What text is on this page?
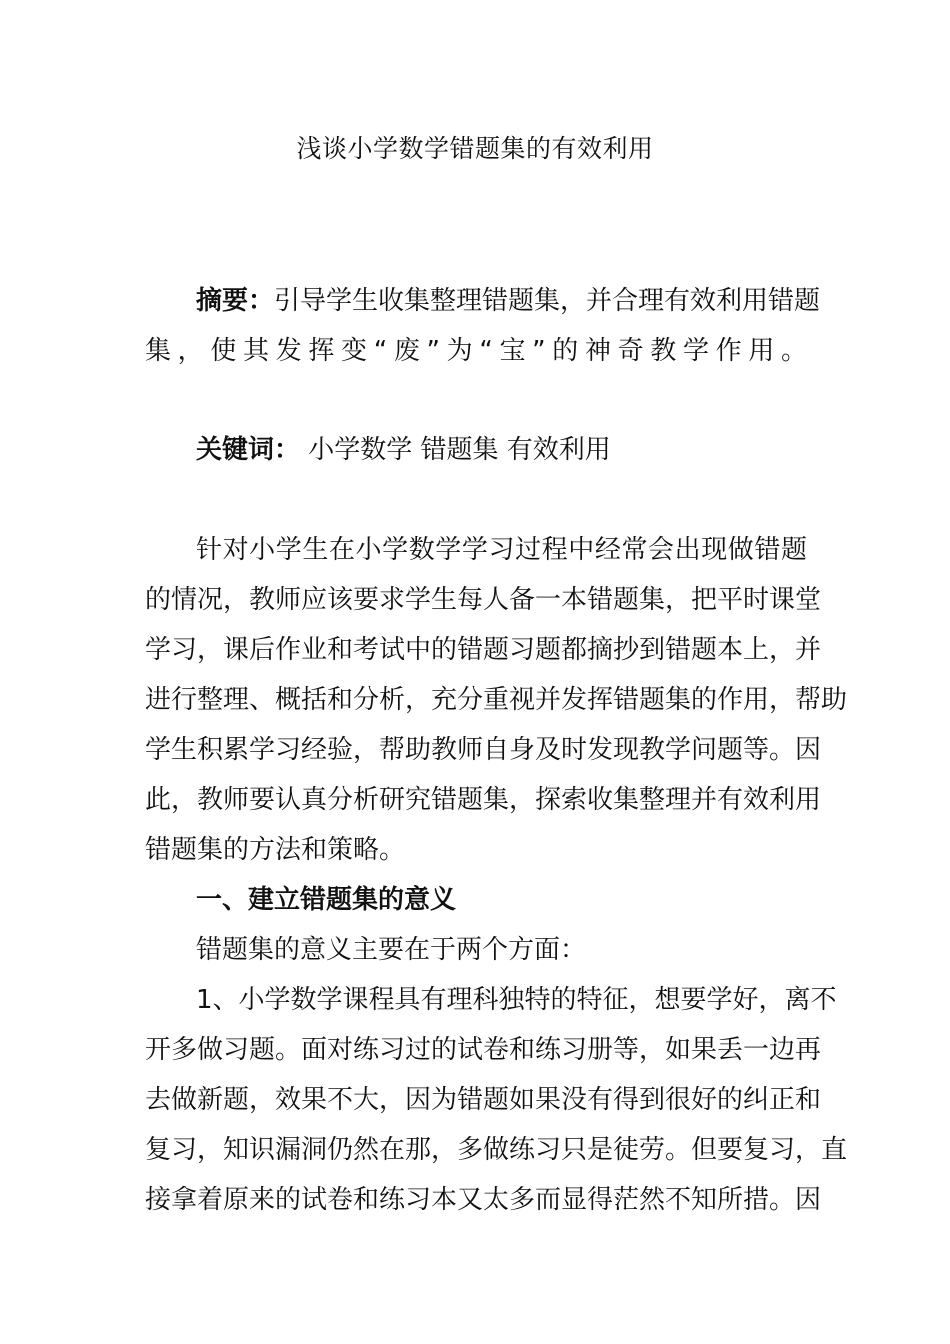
浅谈小学数学错题集的有效利用
摘要：引导学生收集整理错题集，并合理有效利用错题
集，使其发挥变“废”为“宝”的神奇教学作用。
关键词： 小学数学 错题集 有效利用
针对小学生在小学数学学习过程中经常会出现做错题
的情况，教师应该要求学生每人备一本错题集，把平时课堂
学习，课后作业和考试中的错题习题都摘抄到错题本上，并
进行整理、概括和分析，充分重视并发挥错题集的作用，帮助
学生积累学习经验，帮助教师自身及时发现教学问题等。因
此，教师要认真分析研究错题集，探索收集整理并有效利用
错题集的方法和策略。
一、建立错题集的意义
错题集的意义主要在于两个方面：
1、小学数学课程具有理科独特的特征，想要学好，离不
开多做习题。面对练习过的试卷和练习册等，如果丢一边再
去做新题，效果不大，因为错题如果没有得到很好的纠正和
复习，知识漏洞仍然在那，多做练习只是徒劳。但要复习，直
接拿着原来的试卷和练习本又太多而显得茫然不知所措。因
